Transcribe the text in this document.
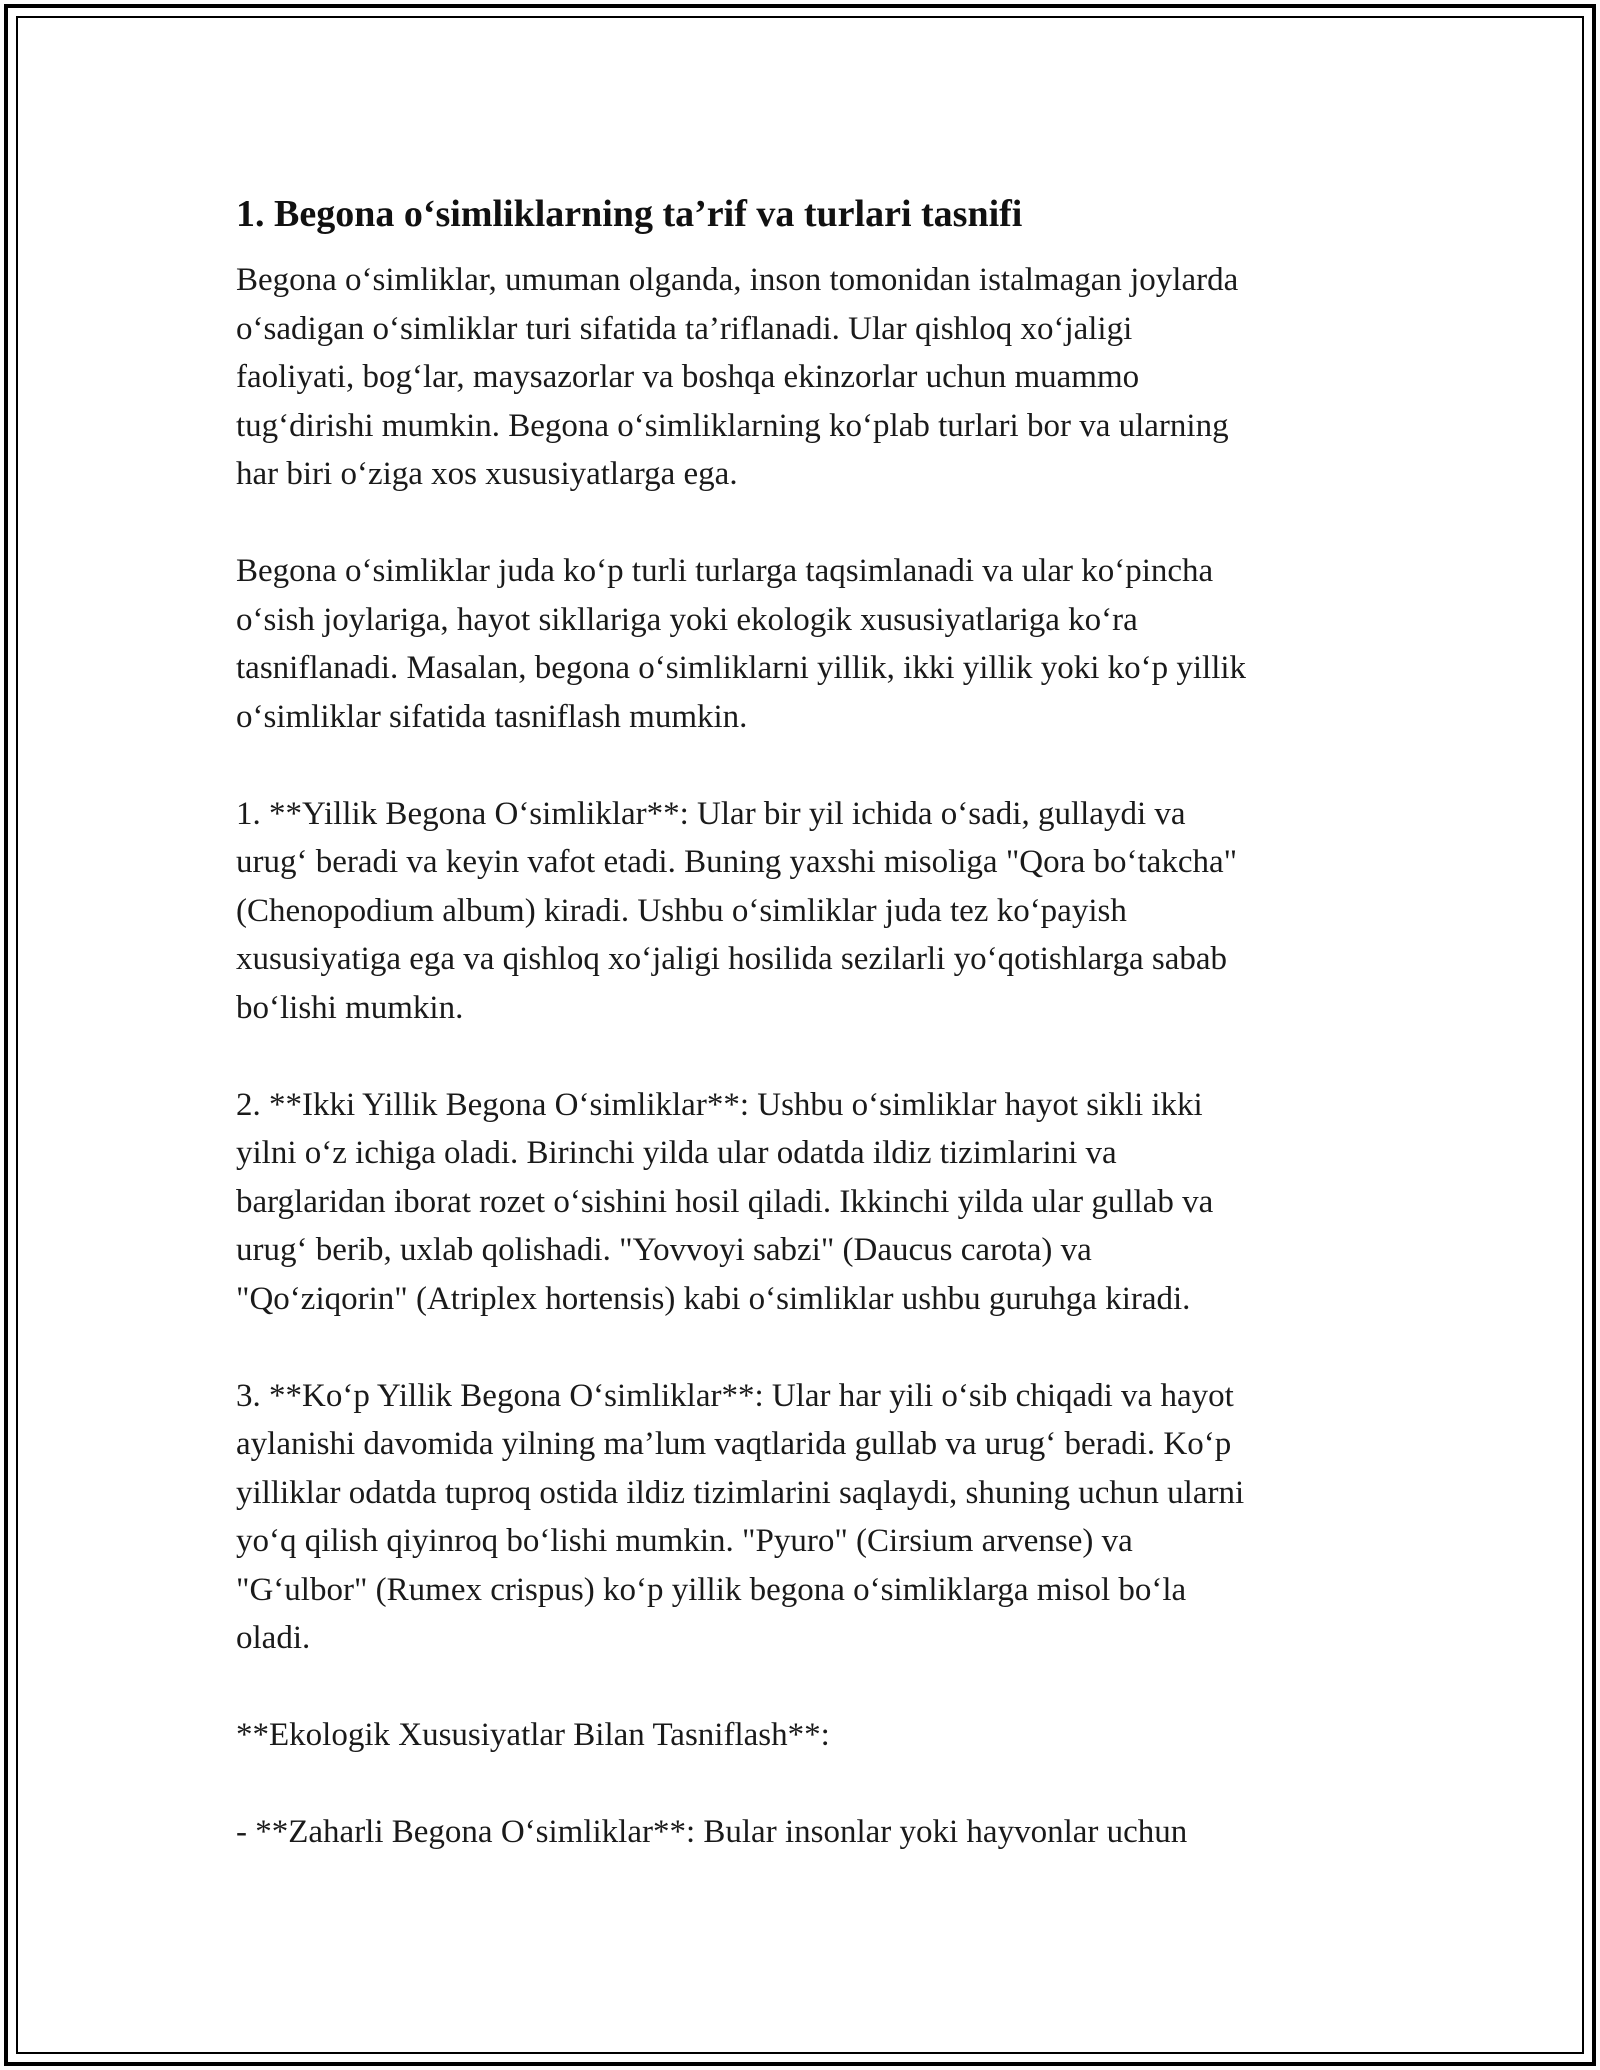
1. Begona o‘simliklarning ta’rif va turlari tasnifi

Begona o‘simliklar, umuman olganda, inson tomonidan istalmagan joylarda
o‘sadigan o‘simliklar turi sifatida ta’riflanadi. Ular qishloq xo‘jaligi
faoliyati, bog‘lar, maysazorlar va boshqa ekinzorlar uchun muammo
tug‘dirishi mumkin. Begona o‘simliklarning ko‘plab turlari bor va ularning
har biri o‘ziga xos xususiyatlarga ega.

Begona o‘simliklar juda ko‘p turli turlarga taqsimlanadi va ular ko‘pincha
o‘sish joylariga, hayot sikllariga yoki ekologik xususiyatlariga ko‘ra
tasniflanadi. Masalan, begona o‘simliklarni yillik, ikki yillik yoki ko‘p yillik
o‘simliklar sifatida tasniflash mumkin.

1. **Yillik Begona O‘simliklar**: Ular bir yil ichida o‘sadi, gullaydi va
urug‘ beradi va keyin vafot etadi. Buning yaxshi misoliga "Qora bo‘takcha"
(Chenopodium album) kiradi. Ushbu o‘simliklar juda tez ko‘payish
xususiyatiga ega va qishloq xo‘jaligi hosilida sezilarli yo‘qotishlarga sabab
bo‘lishi mumkin.

2. **Ikki Yillik Begona O‘simliklar**: Ushbu o‘simliklar hayot sikli ikki
yilni o‘z ichiga oladi. Birinchi yilda ular odatda ildiz tizimlarini va
barglaridan iborat rozet o‘sishini hosil qiladi. Ikkinchi yilda ular gullab va
urug‘ berib, uxlab qolishadi. "Yovvoyi sabzi" (Daucus carota) va
"Qo‘ziqorin" (Atriplex hortensis) kabi o‘simliklar ushbu guruhga kiradi.

3. **Ko‘p Yillik Begona O‘simliklar**: Ular har yili o‘sib chiqadi va hayot
aylanishi davomida yilning ma’lum vaqtlarida gullab va urug‘ beradi. Ko‘p
yilliklar odatda tuproq ostida ildiz tizimlarini saqlaydi, shuning uchun ularni
yo‘q qilish qiyinroq bo‘lishi mumkin. "Pyuro" (Cirsium arvense) va
"G‘ulbor" (Rumex crispus) ko‘p yillik begona o‘simliklarga misol bo‘la
oladi.

**Ekologik Xususiyatlar Bilan Tasniflash**:

- **Zaharli Begona O‘simliklar**: Bular insonlar yoki hayvonlar uchun
